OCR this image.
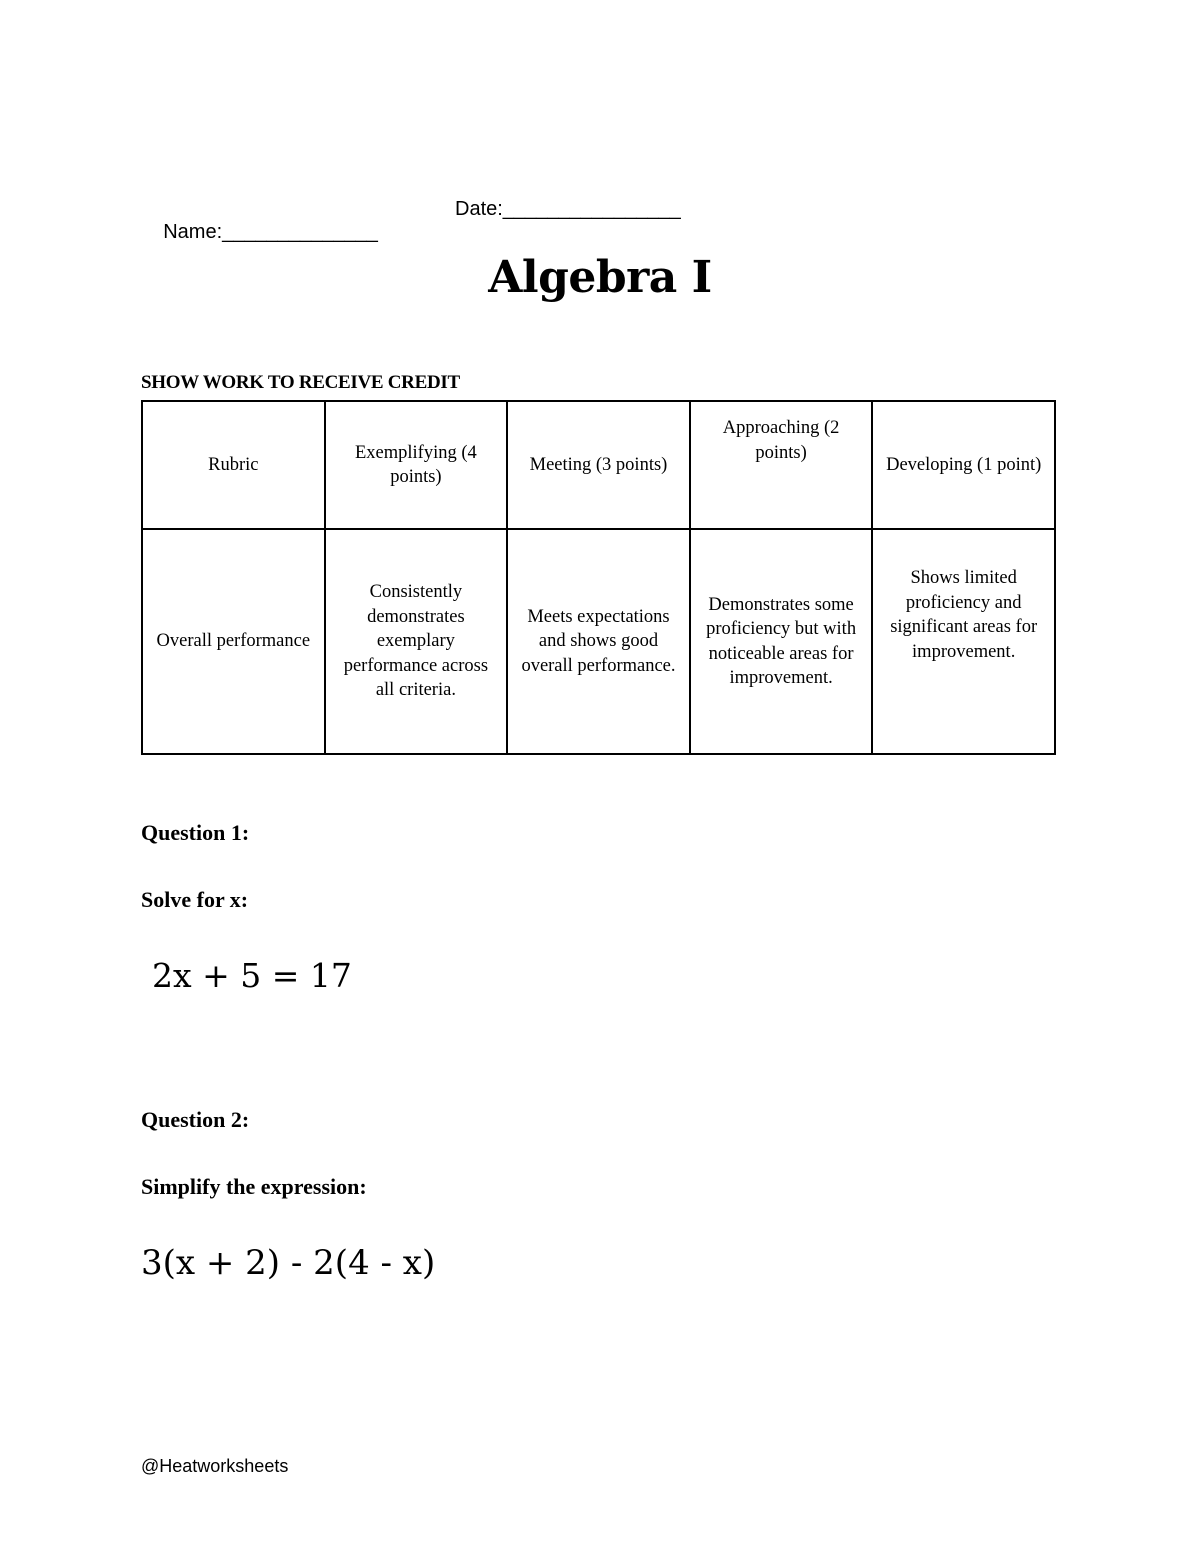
Name:______________

Date:________________

Algebra I
SHOW WORK TO RECEIVE CREDIT
Rubric	Exemplifying (4 points)	Meeting (3 points)	Approaching (2 points)	Developing (1 point)
Overall performance	Consistently demonstrates exemplary performance across all criteria.	Meets expectations and shows good overall performance.	Demonstrates some proficiency but with noticeable areas for improvement.	Shows limited proficiency and significant areas for improvement.
Question 1:
Solve for x:
2x + 5 = 17
Question 2:
Simplify the expression:
3(x + 2) - 2(4 - x)
@Heatworksheets
